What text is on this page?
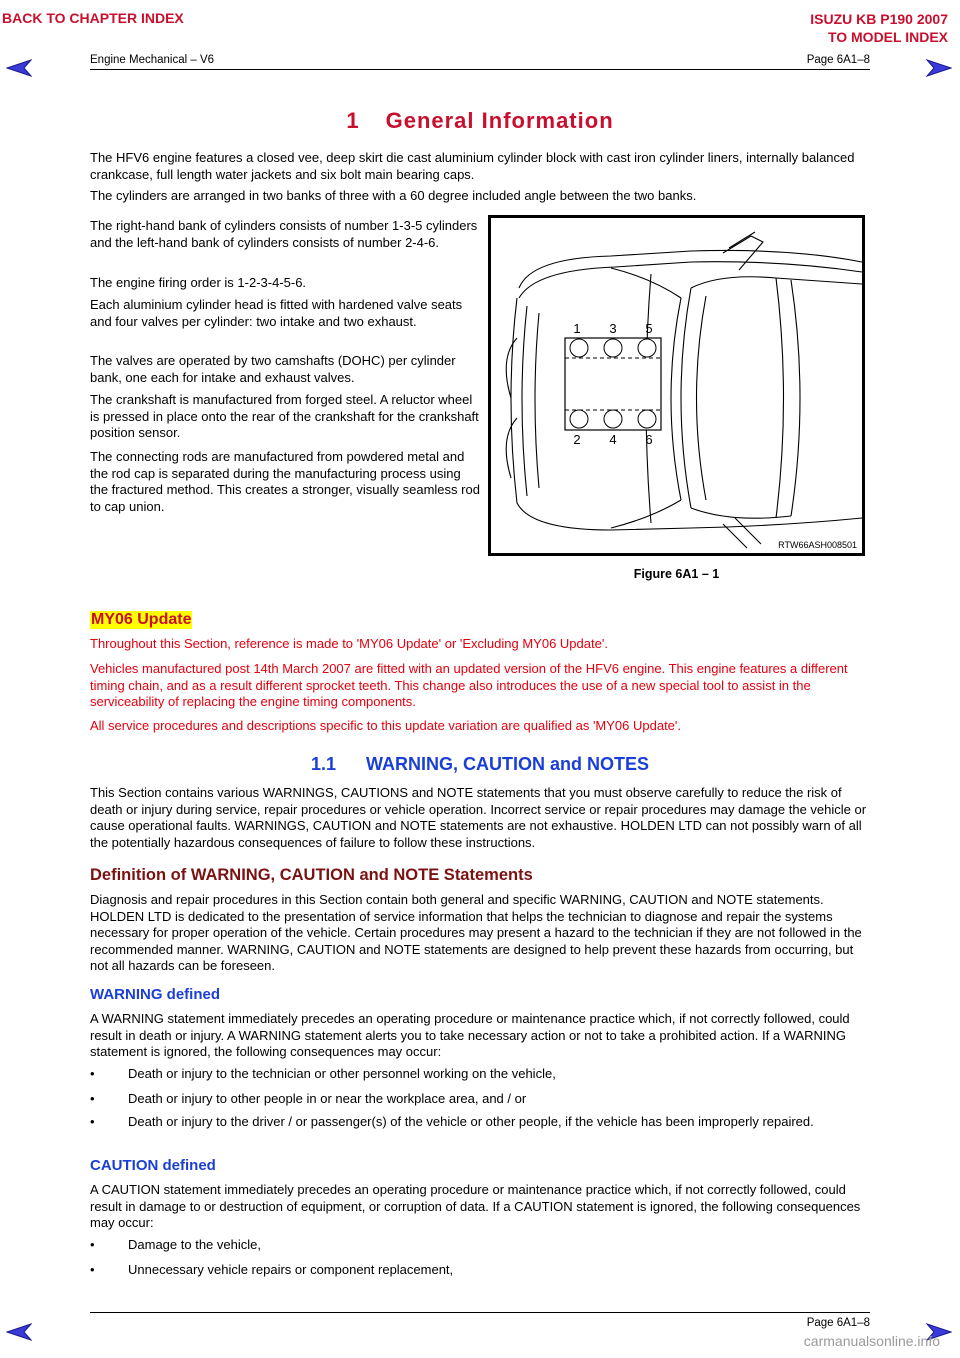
BACK TO CHAPTER INDEX	ISUZU KB P190 2007
TO MODEL INDEX
Engine Mechanical – V6	Page 6A1–8
1 General Information

The HFV6 engine features a closed vee, deep skirt die cast aluminium cylinder block with cast iron cylinder liners, internally balanced crankcase, full length water jackets and six bolt main bearing caps.

The cylinders are arranged in two banks of three with a 60 degree included angle between the two banks.

The right-hand bank of cylinders consists of number 1-3-5 cylinders and the left-hand bank of cylinders consists of number 2-4-6.

The engine firing order is 1-2-3-4-5-6.

Each aluminium cylinder head is fitted with hardened valve seats and four valves per cylinder: two intake and two exhaust.

The valves are operated by two camshafts (DOHC) per cylinder bank, one each for intake and exhaust valves.

The crankshaft is manufactured from forged steel. A reluctor wheel is pressed in place onto the rear of the crankshaft for the crankshaft position sensor.

The connecting rods are manufactured from powdered metal and the rod cap is separated during the manufacturing process using the fractured method. This creates a stronger, visually seamless rod to cap union.

1 3 5
2 4 6
RTW66ASH008501
Figure 6A1 – 1
MY06 Update

Throughout this Section, reference is made to 'MY06 Update' or 'Excluding MY06 Update'.

Vehicles manufactured post 14th March 2007 are fitted with an updated version of the HFV6 engine. This engine features a different timing chain, and as a result different sprocket teeth. This change also introduces the use of a new special tool to assist in the serviceability of replacing the engine timing components.

All service procedures and descriptions specific to this update variation are qualified as 'MY06 Update'.

1.1 WARNING, CAUTION and NOTES

This Section contains various WARNINGS, CAUTIONS and NOTE statements that you must observe carefully to reduce the risk of death or injury during service, repair procedures or vehicle operation. Incorrect service or repair procedures may damage the vehicle or cause operational faults. WARNINGS, CAUTION and NOTE statements are not exhaustive. HOLDEN LTD can not possibly warn of all the potentially hazardous consequences of failure to follow these instructions.

Definition of WARNING, CAUTION and NOTE Statements

Diagnosis and repair procedures in this Section contain both general and specific WARNING, CAUTION and NOTE statements. HOLDEN LTD is dedicated to the presentation of service information that helps the technician to diagnose and repair the systems necessary for proper operation of the vehicle. Certain procedures may present a hazard to the technician if they are not followed in the recommended manner. WARNING, CAUTION and NOTE statements are designed to help prevent these hazards from occurring, but not all hazards can be foreseen.

WARNING defined

A WARNING statement immediately precedes an operating procedure or maintenance practice which, if not correctly followed, could result in death or injury. A WARNING statement alerts you to take necessary action or not to take a prohibited action. If a WARNING statement is ignored, the following consequences may occur:

•	Death or injury to the technician or other personnel working on the vehicle,
•	Death or injury to other people in or near the workplace area, and / or
•	Death or injury to the driver / or passenger(s) of the vehicle or other people, if the vehicle has been improperly repaired.
CAUTION defined

A CAUTION statement immediately precedes an operating procedure or maintenance practice which, if not correctly followed, could result in damage to or destruction of equipment, or corruption of data. If a CAUTION statement is ignored, the following consequences may occur:

•	Damage to the vehicle,
•	Unnecessary vehicle repairs or component replacement,
Page 6A1–8
carmanualsonline.info
